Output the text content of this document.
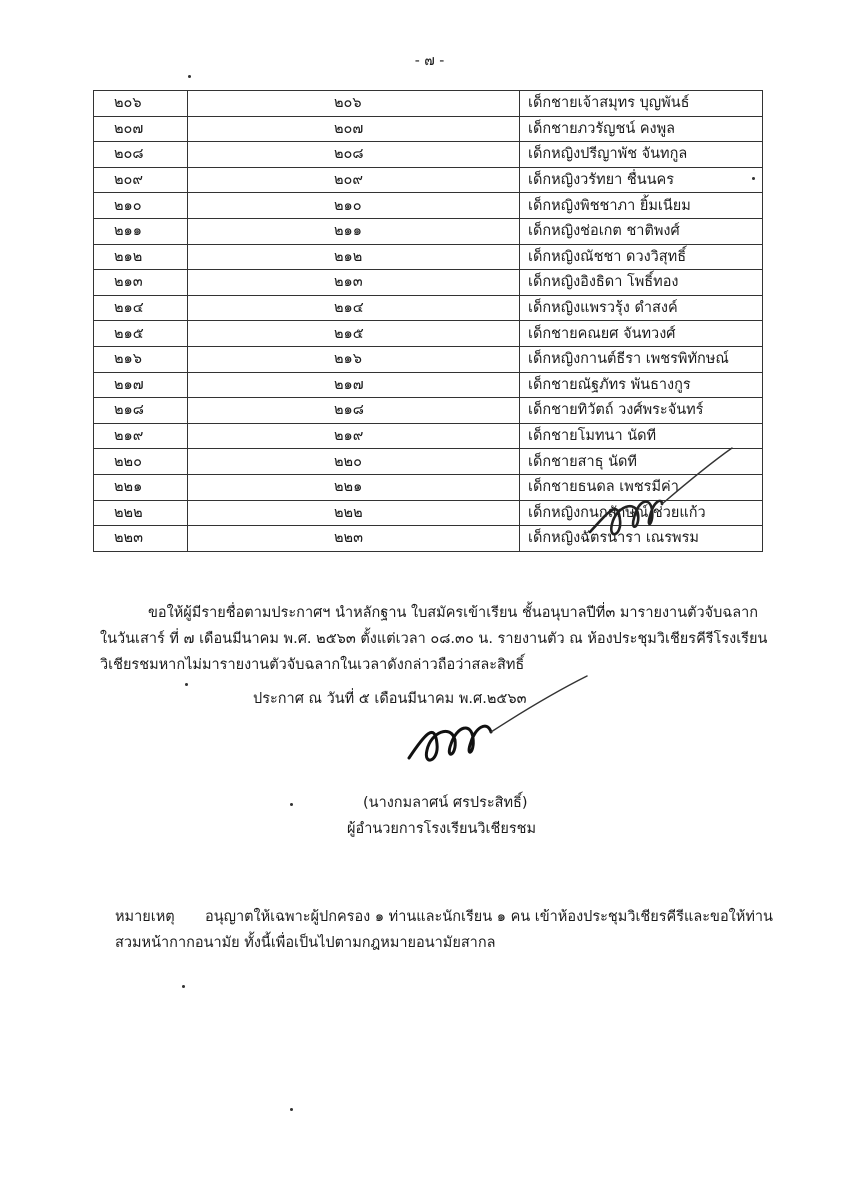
- ๗ -
๒๐๖	๒๐๖	เด็กชายเจ้าสมุทร บุญพันธ์
๒๐๗	๒๐๗	เด็กชายภวรัญชน์ คงพูล
๒๐๘	๒๐๘	เด็กหญิงปรีญาพัช จันทกูล
๒๐๙	๒๐๙	เด็กหญิงวรัทยา ชื่นนคร
๒๑๐	๒๑๐	เด็กหญิงพิชชาภา ยิ้มเนียม
๒๑๑	๒๑๑	เด็กหญิงช่อเกต ชาติพงศ์
๒๑๒	๒๑๒	เด็กหญิงณัชชา ดวงวิสุทธิ์
๒๑๓	๒๑๓	เด็กหญิงอิงธิดา โพธิ์ทอง
๒๑๔	๒๑๔	เด็กหญิงแพรวรุ้ง ดำสงค์
๒๑๕	๒๑๕	เด็กชายคณยศ จันทวงศ์
๒๑๖	๒๑๖	เด็กหญิงกานต์ธีรา เพชรพิทักษณ์
๒๑๗	๒๑๗	เด็กชายณัฐภัทร พันธางกูร
๒๑๘	๒๑๘	เด็กชายทิวัตถ์ วงศ์พระจันทร์
๒๑๙	๒๑๙	เด็กชายโมทนา นัดที
๒๒๐	๒๒๐	เด็กชายสาธุ นัดที
๒๒๑	๒๒๑	เด็กชายธนดล เพชรมีค่า
๒๒๒	๒๒๒	เด็กหญิงกนกลักษณ์ ช่วยแก้ว
๒๒๓	๒๒๓	เด็กหญิงฉัตรนารา เณรพรม
ขอให้ผู้มีรายชื่อตามประกาศฯ นำหลักฐาน ใบสมัครเข้าเรียน ชั้นอนุบาลปีที่๓ มารายงานตัวจับฉลาก
ในวันเสาร์ ที่ ๗ เดือนมีนาคม พ.ศ. ๒๕๖๓ ตั้งแต่เวลา ๐๘.๓๐ น. รายงานตัว ณ ห้องประชุมวิเชียรคีรีโรงเรียน
วิเชียรชมหากไม่มารายงานตัวจับฉลากในเวลาดังกล่าวถือว่าสละสิทธิ์
ประกาศ ณ วันที่ ๕ เดือนมีนาคม พ.ศ.๒๕๖๓
(นางกมลาศน์ ศรประสิทธิ์)
ผู้อำนวยการโรงเรียนวิเชียรชม
หมายเหตุ	อนุญาตให้เฉพาะผู้ปกครอง ๑ ท่านและนักเรียน ๑ คน เข้าห้องประชุมวิเชียรคีรีและขอให้ท่าน
สวมหน้ากากอนามัย ทั้งนี้เพื่อเป็นไปตามกฎหมายอนามัยสากล
